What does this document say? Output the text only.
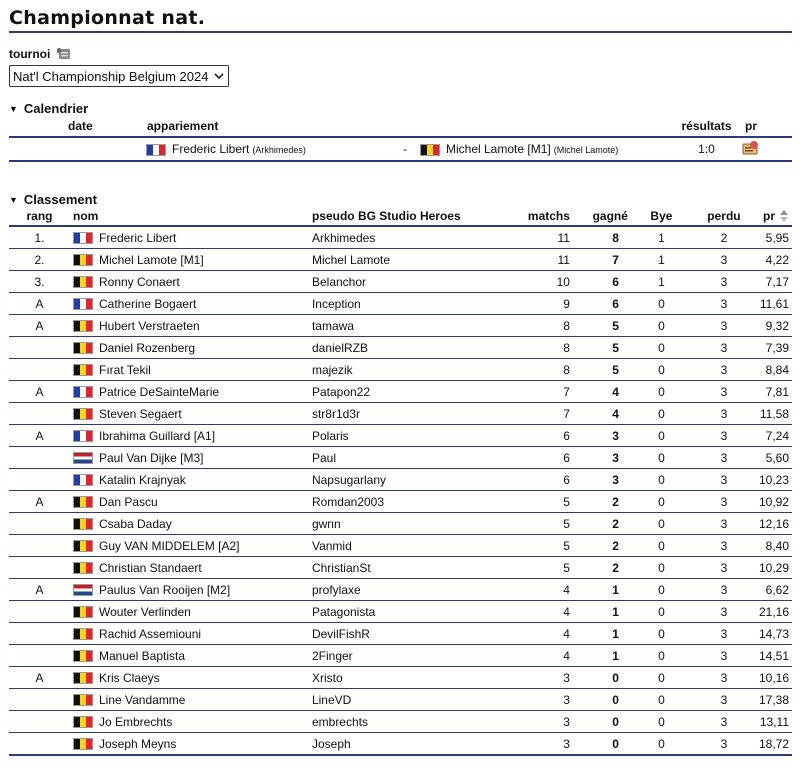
Championnat nat.
tournoi
Nat'l Championship Belgium 2024
▼ Calendrier
	date	appariement			résultats	pr
		Frederic Libert (Arkhimedes)	-	Michel Lamote [M1] (Michel Lamote)	1:0	
▼ Classement
rang	nom	pseudo BG Studio Heroes	matchs	gagné	Bye	perdu	pr
1.	Frederic Libert	Arkhimedes	11	8	1	2	5,95
2.	Michel Lamote [M1]	Michel Lamote	11	7	1	3	4,22
3.	Ronny Conaert	Belanchor	10	6	1	3	7,17
A	Catherine Bogaert	Inception	9	6	0	3	11,61
A	Hubert Verstraeten	tamawa	8	5	0	3	9,32
	Daniel Rozenberg	danielRZB	8	5	0	3	7,39
	Fırat Tekil	majezik	8	5	0	3	8,84
A	Patrice DeSainteMarie	Patapon22	7	4	0	3	7,81
	Steven Segaert	str8r1d3r	7	4	0	3	11,58
A	Ibrahima Guillard [A1]	Polaris	6	3	0	3	7,24
	Paul Van Dijke [M3]	Paul	6	3	0	3	5,60
	Katalin Krajnyak	Napsugarlany	6	3	0	3	10,23
A	Dan Pascu	Romdan2003	5	2	0	3	10,92
	Csaba Daday	gwnn	5	2	0	3	12,16
	Guy VAN MIDDELEM [A2]	Vanmid	5	2	0	3	8,40
	Christian Standaert	ChristianSt	5	2	0	3	10,29
A	Paulus Van Rooijen [M2]	profylaxe	4	1	0	3	6,62
	Wouter Verlinden	Patagonista	4	1	0	3	21,16
	Rachid Assemiouni	DevilFishR	4	1	0	3	14,73
	Manuel Baptista	2Finger	4	1	0	3	14,51
A	Kris Claeys	Xristo	3	0	0	3	10,16
	Line Vandamme	LineVD	3	0	0	3	17,38
	Jo Embrechts	embrechts	3	0	0	3	13,11
	Joseph Meyns	Joseph	3	0	0	3	18,72
